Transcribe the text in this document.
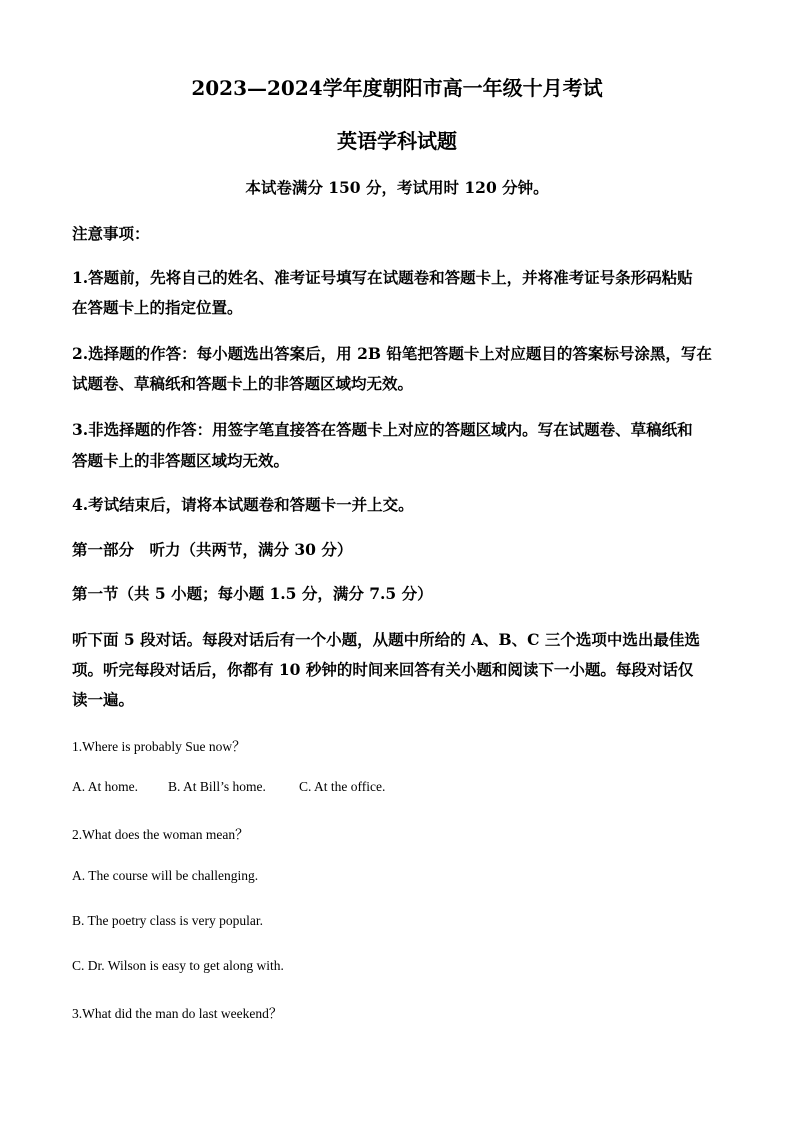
2023—2024学年度朝阳市高一年级十月考试
英语学科试题
本试卷满分 150 分，考试用时 120 分钟。
注意事项：
1.答题前，先将自己的姓名、准考证号填写在试题卷和答题卡上，并将准考证号条形码粘贴
在答题卡上的指定位置。
2.选择题的作答：每小题选出答案后，用 2B 铅笔把答题卡上对应题目的答案标号涂黑，写在
试题卷、草稿纸和答题卡上的非答题区域均无效。
3.非选择题的作答：用签字笔直接答在答题卡上对应的答题区域内。写在试题卷、草稿纸和
答题卡上的非答题区域均无效。
4.考试结束后，请将本试题卷和答题卡一并上交。
第一部分　听力（共两节，满分 30 分）
第一节（共 5 小题；每小题 1.5 分，满分 7.5 分）
听下面 5 段对话。每段对话后有一个小题，从题中所给的 A、B、C 三个选项中选出最佳选
项。听完每段对话后，你都有 10 秒钟的时间来回答有关小题和阅读下一小题。每段对话仅
读一遍。
1.Where is probably Sue now？
A. At home. B. At Bill’s home. C. At the office.
2.What does the woman mean？
A. The course will be challenging.
B. The poetry class is very popular.
C. Dr. Wilson is easy to get along with.
3.What did the man do last weekend？
